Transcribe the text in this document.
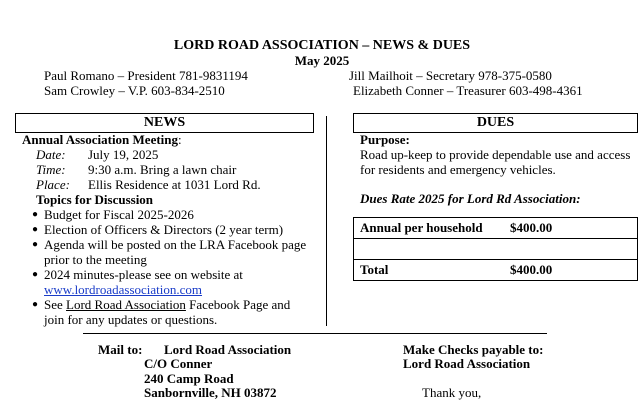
LORD ROAD ASSOCIATION – NEWS & DUES
May 2025
Paul Romano – President 781-9831194
Sam Crowley – V.P. 603-834-2510
Jill Mailhoit – Secretary 978-375-0580
Elizabeth Conner – Treasurer 603-498-4361
NEWS
Annual Association Meeting:
Date: July 19, 2025
Time: 9:30 a.m. Bring a lawn chair
Place: Ellis Residence at 1031 Lord Rd.
Topics for Discussion
● Budget for Fiscal 2025-2026
● Election of Officers & Directors (2 year term)
● Agenda will be posted on the LRA Facebook page
prior to the meeting
● 2024 minutes-please see on website at
www.lordroadassociation.com
● See Lord Road Association Facebook Page and
join for any updates or questions.
DUES
Purpose:
Road up-keep to provide dependable use and access
for residents and emergency vehicles.
Dues Rate 2025 for Lord Rd Association:
Annual per household	$400.00
Total	$400.00
Mail to: Lord Road Association
C/O Conner
240 Camp Road
Sanbornville, NH 03872
Make Checks payable to:
Lord Road Association
Thank you,
